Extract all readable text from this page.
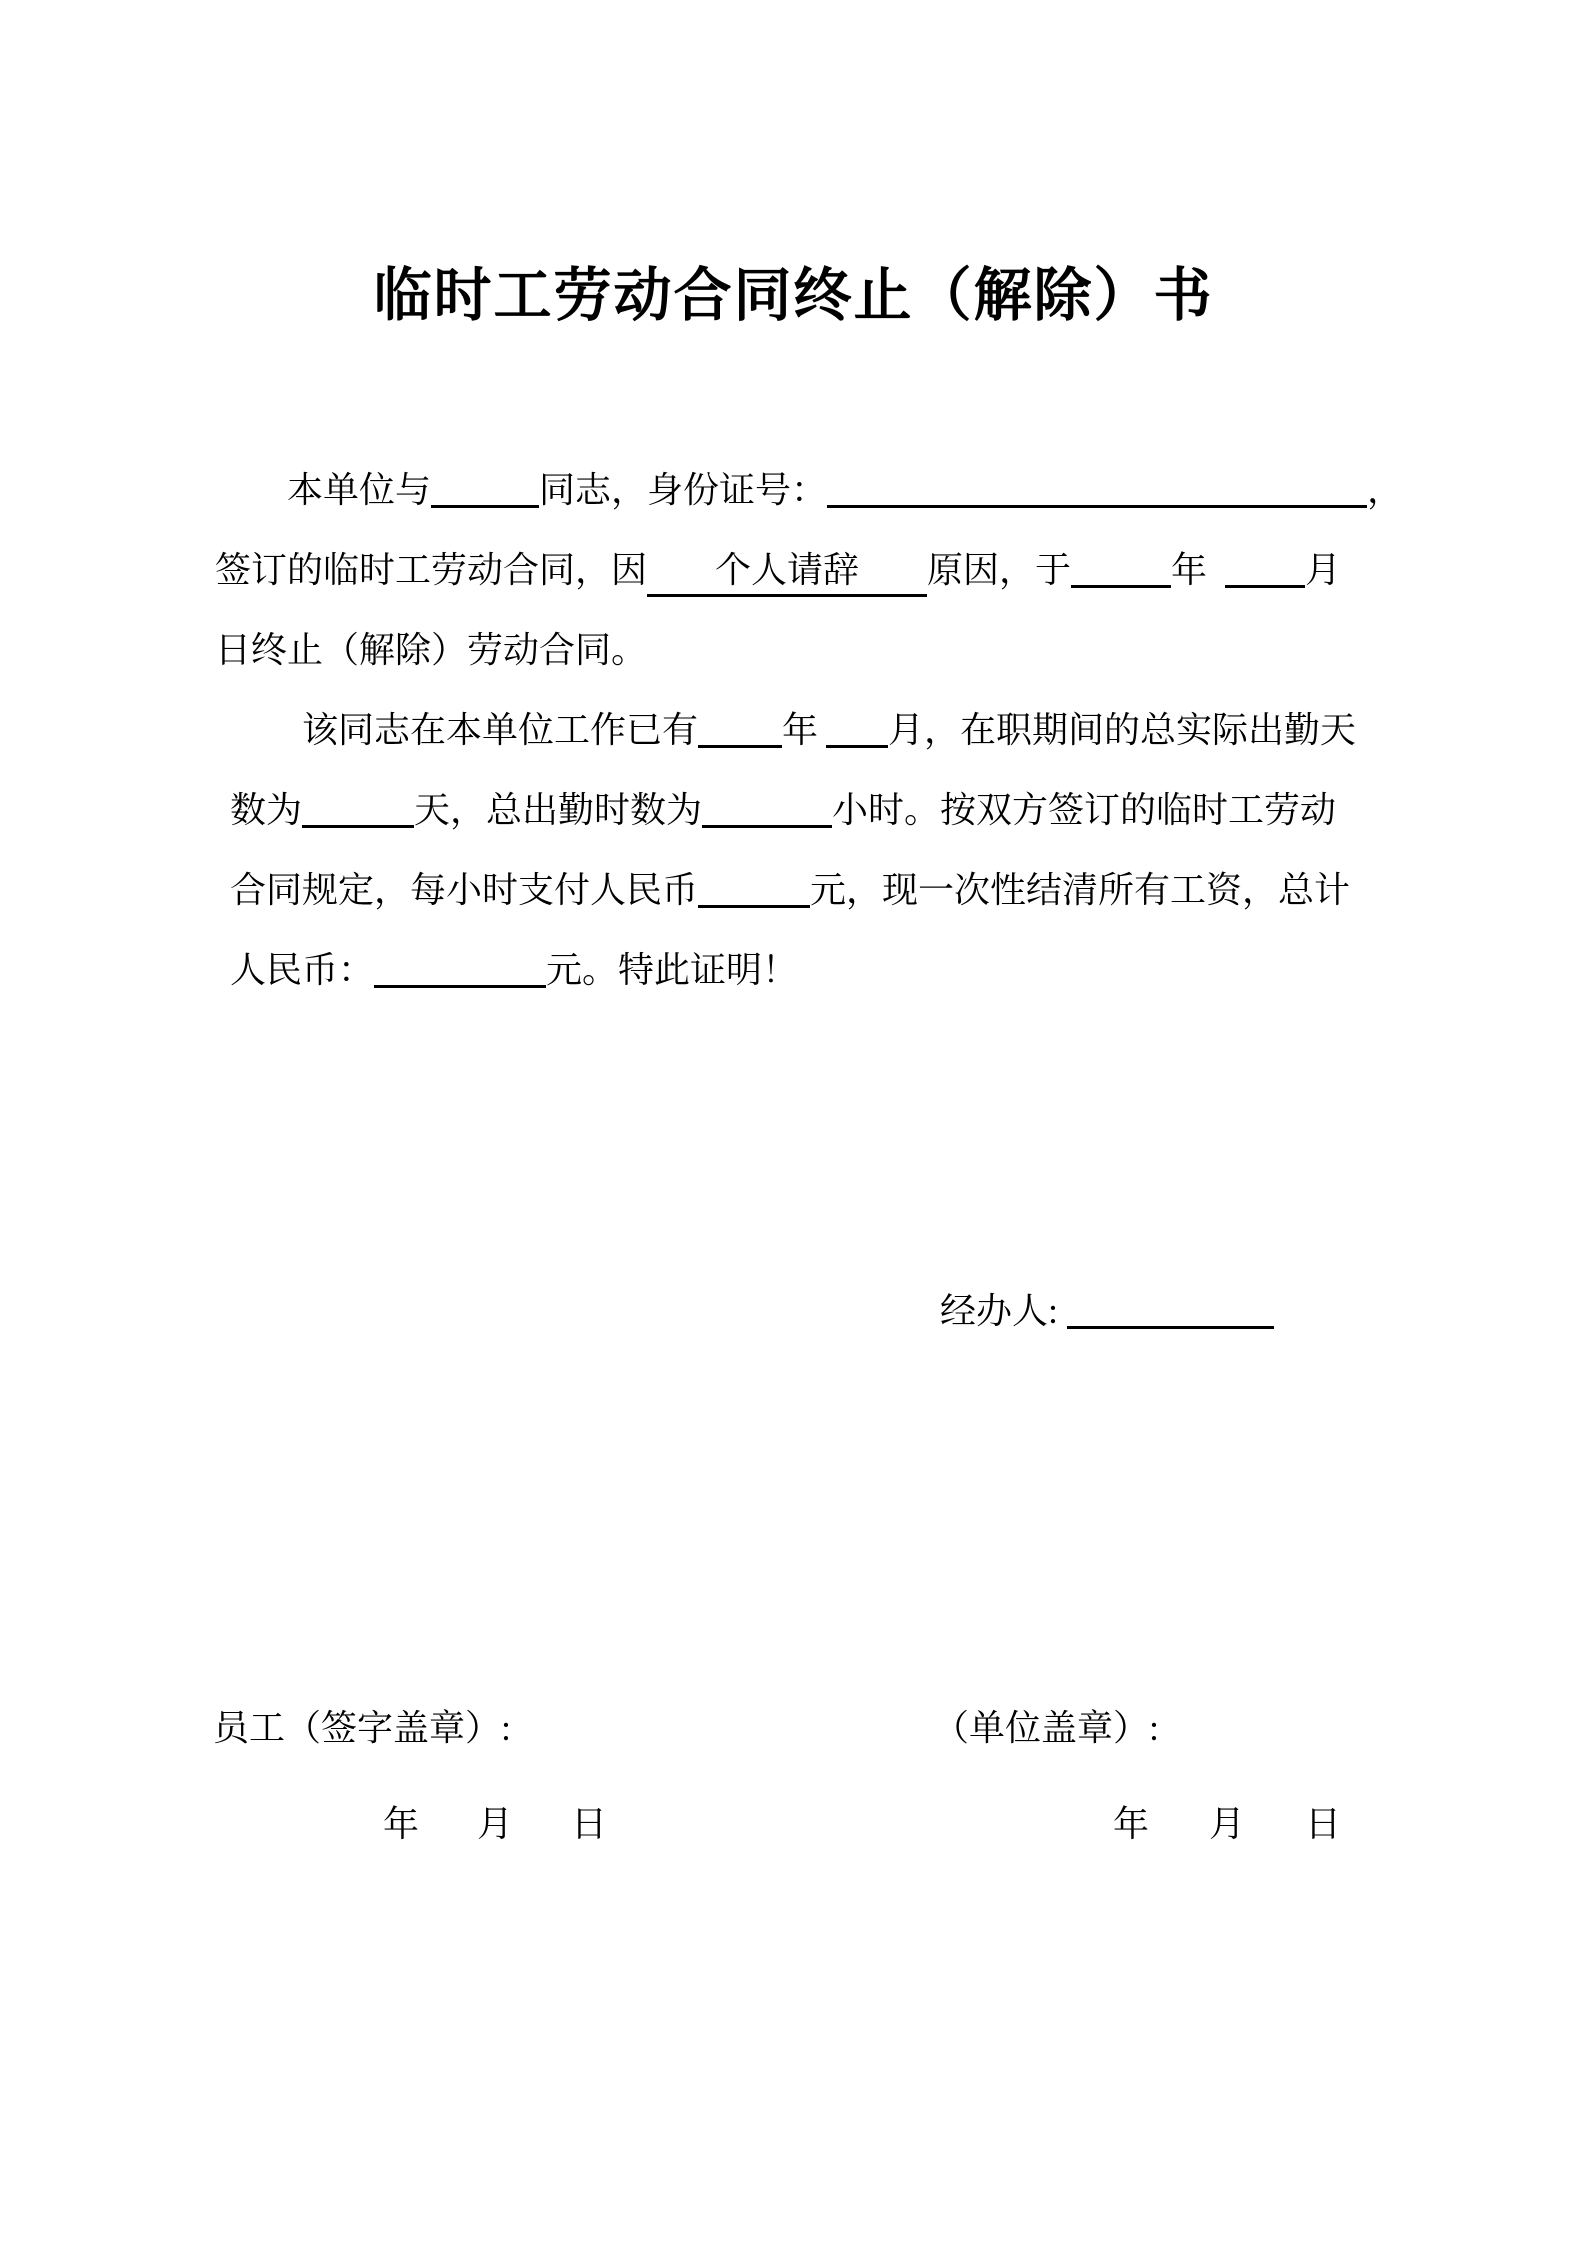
临时工劳动合同终止（解除）书
本单位与	同志，身份证号：	，
签订的临时工劳动合同，因 个人请辞 原因，于	年	月
日终止（解除）劳动合同。
该同志在本单位工作已有 年 月，在职期间的总实际出勤天
数为	天，总出勤时数为	小时。按双方签订的临时工劳动
合同规定，每小时支付人民币	元，现一次性结清所有工资，总计
人民币：	元。特此证明！
经办人:
员工（签字盖章）:	（单位盖章）:
年 月 日	年 月 日
